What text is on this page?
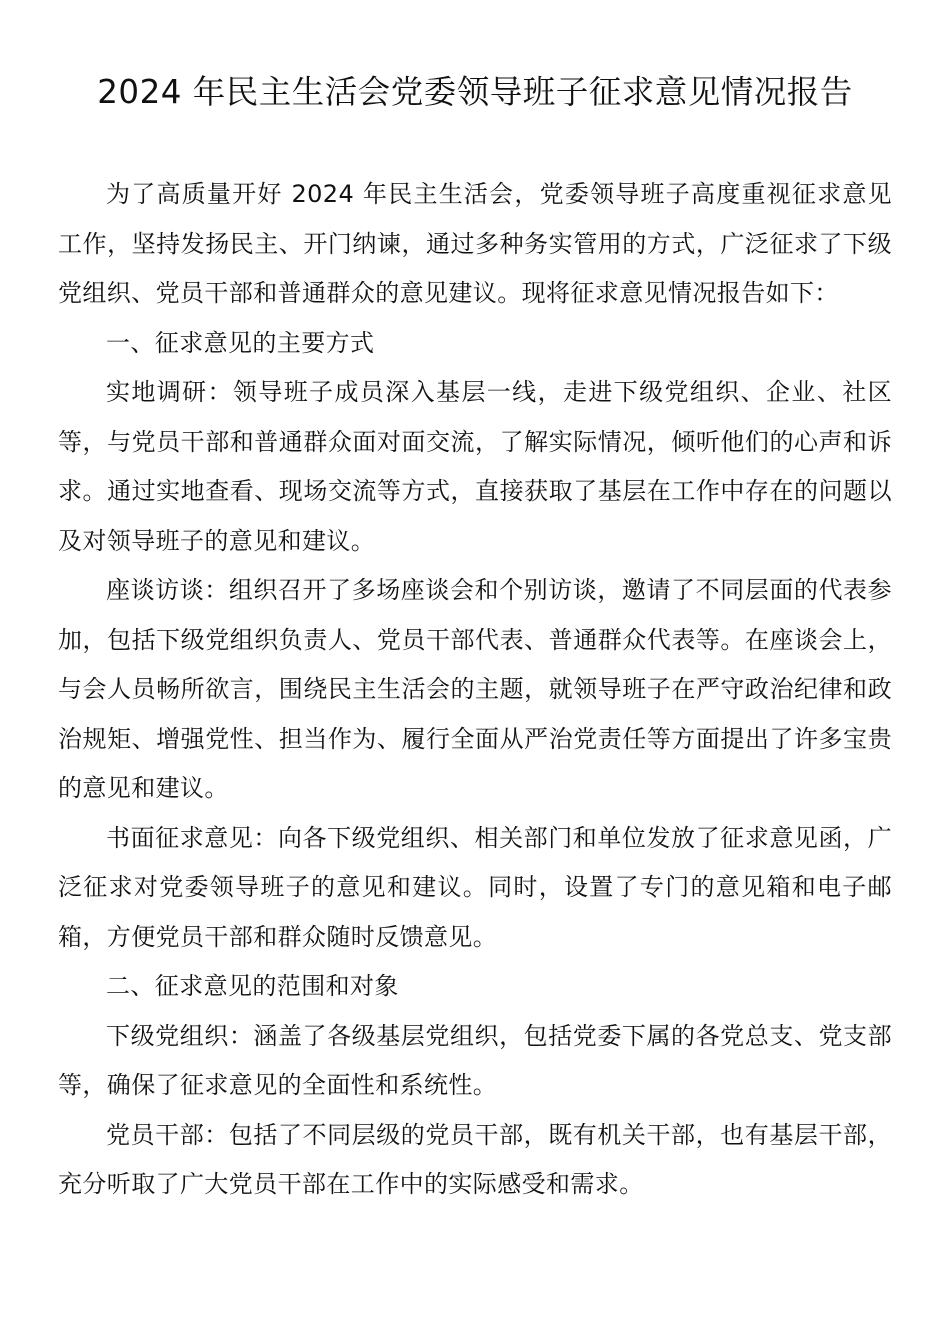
2024 年民主生活会党委领导班子征求意见情况报告

为了高质量开好 2024 年民主生活会，党委领导班子高度重视征求意见工作，坚持发扬民主、开门纳谏，通过多种务实管用的方式，广泛征求了下级党组织、党员干部和普通群众的意见建议。现将征求意见情况报告如下：

一、征求意见的主要方式

实地调研：领导班子成员深入基层一线，走进下级党组织、企业、社区等，与党员干部和普通群众面对面交流，了解实际情况，倾听他们的心声和诉求。通过实地查看、现场交流等方式，直接获取了基层在工作中存在的问题以及对领导班子的意见和建议。

座谈访谈：组织召开了多场座谈会和个别访谈，邀请了不同层面的代表参加，包括下级党组织负责人、党员干部代表、普通群众代表等。在座谈会上，与会人员畅所欲言，围绕民主生活会的主题，就领导班子在严守政治纪律和政治规矩、增强党性、担当作为、履行全面从严治党责任等方面提出了许多宝贵的意见和建议。

书面征求意见：向各下级党组织、相关部门和单位发放了征求意见函，广泛征求对党委领导班子的意见和建议。同时，设置了专门的意见箱和电子邮箱，方便党员干部和群众随时反馈意见。

二、征求意见的范围和对象

下级党组织：涵盖了各级基层党组织，包括党委下属的各党总支、党支部等，确保了征求意见的全面性和系统性。

党员干部：包括了不同层级的党员干部，既有机关干部，也有基层干部，充分听取了广大党员干部在工作中的实际感受和需求。
